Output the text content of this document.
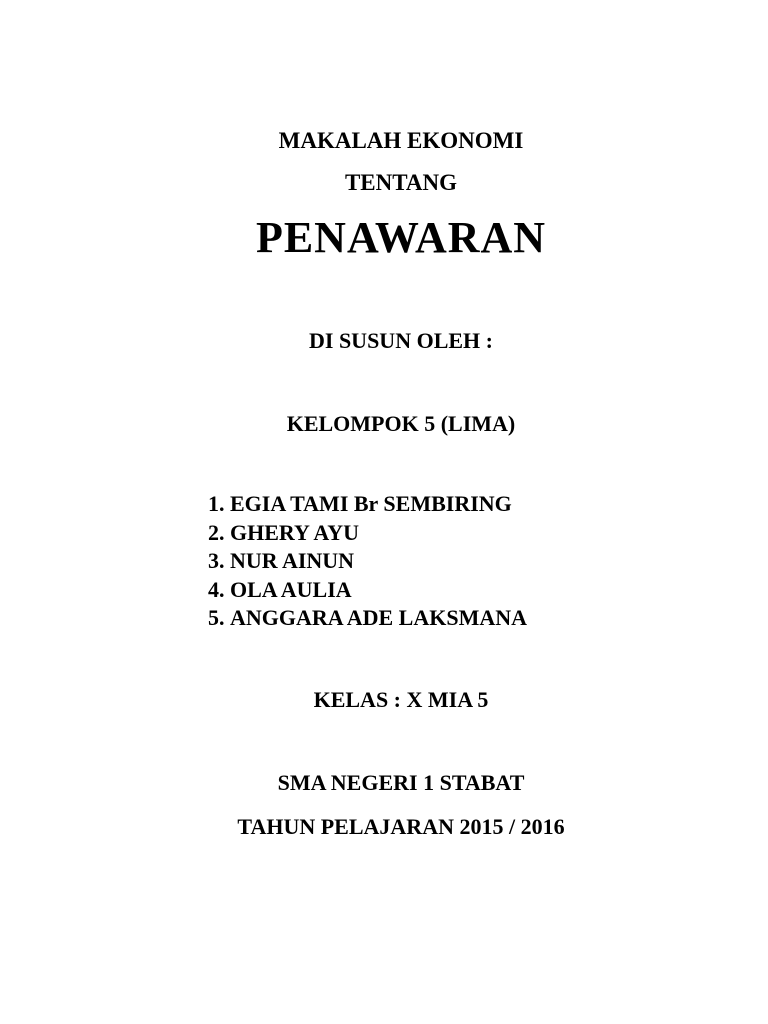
MAKALAH EKONOMI
TENTANG
PENAWARAN
DI SUSUN OLEH :
KELOMPOK 5 (LIMA)
1. EGIA TAMI Br SEMBIRING
2. GHERY AYU
3. NUR AINUN
4. OLA AULIA
5. ANGGARA ADE LAKSMANA
KELAS : X MIA 5
SMA NEGERI 1 STABAT
TAHUN PELAJARAN 2015 / 2016
